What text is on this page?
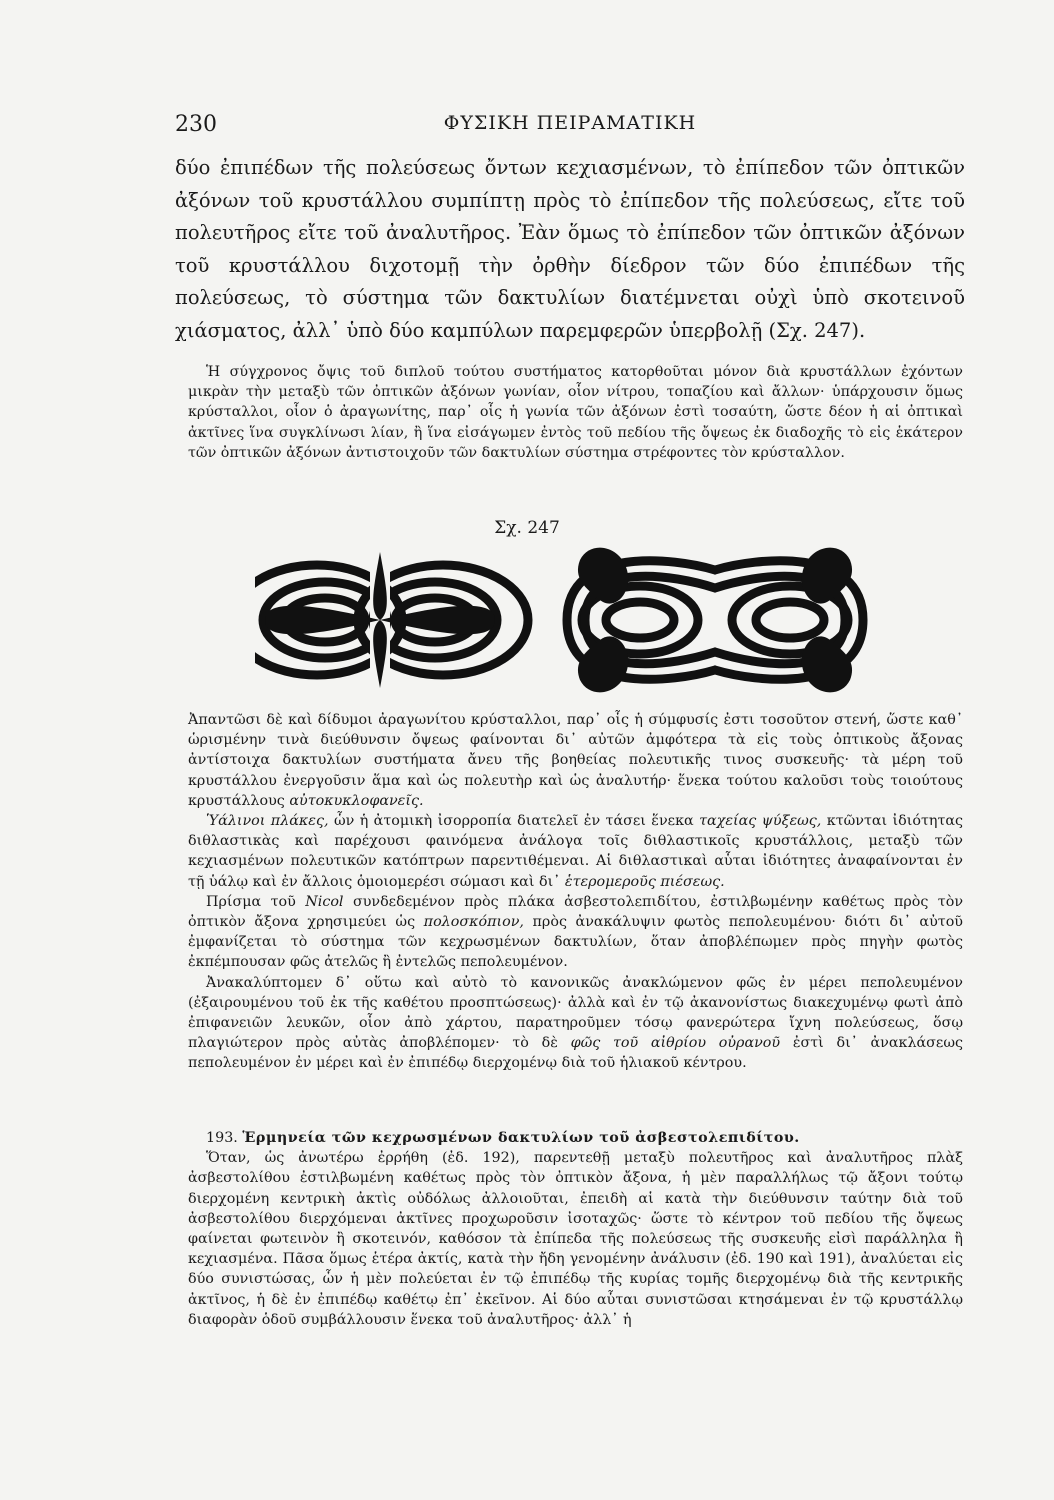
230	ΦΥΣΙΚΗ ΠΕΙΡΑΜΑΤΙΚΗ

δύο ἐπιπέδων τῆς πολεύσεως ὄντων κεχιασμένων, τὸ ἐπίπεδον τῶν ὀπτικῶν ἀξόνων τοῦ κρυστάλλου συμπίπτῃ πρὸς τὸ ἐπίπεδον τῆς πολεύσεως, εἴτε τοῦ πολευτῆρος εἴτε τοῦ ἀναλυτῆρος. Ἐὰν ὅμως τὸ ἐπίπεδον τῶν ὀπτικῶν ἀξόνων τοῦ κρυστάλλου διχοτομῇ τὴν ὀρθὴν δίεδρον τῶν δύο ἐπιπέδων τῆς πολεύσεως, τὸ σύστημα τῶν δακτυλίων διατέμνεται οὐχὶ ὑπὸ σκοτεινοῦ χιάσματος, ἀλλ᾽ ὑπὸ δύο καμπύλων παρεμφερῶν ὑπερβολῇ (Σχ. 247).

Ἡ σύγχρονος ὄψις τοῦ διπλοῦ τούτου συστήματος κατορθοῦται μόνον διὰ κρυστάλλων ἐχόντων μικρὰν τὴν μεταξὺ τῶν ὀπτικῶν ἀξόνων γωνίαν, οἷον νίτρου, τοπαζίου καὶ ἄλλων· ὑπάρχουσιν ὅμως κρύσταλλοι, οἷον ὁ ἀραγωνίτης, παρ᾽ οἷς ἡ γωνία τῶν ἀξόνων ἐστὶ τοσαύτη, ὥστε δέον ἡ αἱ ὀπτικαὶ ἀκτῖνες ἵνα συγκλίνωσι λίαν, ἢ ἵνα εἰσάγωμεν ἐντὸς τοῦ πεδίου τῆς ὄψεως ἐκ διαδοχῆς τὸ εἰς ἑκάτερον τῶν ὀπτικῶν ἀξόνων ἀντιστοιχοῦν τῶν δακτυλίων σύστημα στρέφοντες τὸν κρύσταλλον.

Σχ. 247

Ἀπαντῶσι δὲ καὶ δίδυμοι ἀραγωνίτου κρύσταλλοι, παρ᾽ οἷς ἡ σύμφυσίς ἐστι τοσοῦτον στενή, ὥστε καθ᾽ ὡρισμένην τινὰ διεύθυνσιν ὄψεως φαίνονται δι᾽ αὐτῶν ἀμφότερα τὰ εἰς τοὺς ὀπτικοὺς ἄξονας ἀντίστοιχα δακτυλίων συστήματα ἄνευ τῆς βοηθείας πολευτικῆς τινος συσκευῆς· τὰ μέρη τοῦ κρυστάλλου ἐνεργοῦσιν ἅμα καὶ ὡς πολευτὴρ καὶ ὡς ἀναλυτήρ· ἕνεκα τούτου καλοῦσι τοὺς τοιούτους κρυστάλλους αὐτοκυκλοφανεῖς.

Ὑάλινοι πλάκες, ὧν ἡ ἀτομικὴ ἰσορροπία διατελεῖ ἐν τάσει ἕνεκα ταχείας ψύξεως, κτῶνται ἰδιότητας διθλαστικὰς καὶ παρέχουσι φαινόμενα ἀνάλογα τοῖς διθλαστικοῖς κρυστάλλοις, μεταξὺ τῶν κεχιασμένων πολευτικῶν κατόπτρων παρεντιθέμεναι. Αἱ διθλαστικαὶ αὗται ἰδιότητες ἀναφαίνονται ἐν τῇ ὑάλῳ καὶ ἐν ἄλλοις ὁμοιομερέσι σώμασι καὶ δι᾽ ἑτερομεροῦς πιέσεως.

Πρίσμα τοῦ Nicol συνδεδεμένον πρὸς πλάκα ἀσβεστολεπιδίτου, ἐστιλβωμένην καθέτως πρὸς τὸν ὀπτικὸν ἄξονα χρησιμεύει ὡς πολοσκόπιον, πρὸς ἀνακάλυψιν φωτὸς πεπολευμένου· διότι δι᾽ αὐτοῦ ἐμφανίζεται τὸ σύστημα τῶν κεχρωσμένων δακτυλίων, ὅταν ἀποβλέπωμεν πρὸς πηγὴν φωτὸς ἐκπέμπουσαν φῶς ἀτελῶς ἢ ἐντελῶς πεπολευμένον.

Ἀνακαλύπτομεν δ᾽ οὕτω καὶ αὐτὸ τὸ κανονικῶς ἀνακλώμενον φῶς ἐν μέρει πεπολευμένον (ἐξαιρουμένου τοῦ ἐκ τῆς καθέτου προσπτώσεως)· ἀλλὰ καὶ ἐν τῷ ἀκανονίστως διακεχυμένῳ φωτὶ ἀπὸ ἐπιφανειῶν λευκῶν, οἷον ἀπὸ χάρτου, παρατηροῦμεν τόσῳ φανερώτερα ἴχνη πολεύσεως, ὅσῳ πλαγιώτερον πρὸς αὐτὰς ἀποβλέπομεν· τὸ δὲ φῶς τοῦ αἰθρίου οὐρανοῦ ἐστὶ δι᾽ ἀνακλάσεως πεπολευμένον ἐν μέρει καὶ ἐν ἐπιπέδῳ διερχομένῳ διὰ τοῦ ἡλιακοῦ κέντρου.

193. Ἑρμηνεία τῶν κεχρωσμένων δακτυλίων τοῦ ἀσβεστολεπιδίτου.

Ὅταν, ὡς ἀνωτέρω ἐρρήθη (ἐδ. 192), παρεντεθῇ μεταξὺ πολευτῆρος καὶ ἀναλυτῆρος πλὰξ ἀσβεστολίθου ἐστιλβωμένη καθέτως πρὸς τὸν ὀπτικὸν ἄξονα, ἡ μὲν παραλλήλως τῷ ἄξονι τούτῳ διερχομένη κεντρικὴ ἀκτὶς οὐδόλως ἀλλοιοῦται, ἐπειδὴ αἱ κατὰ τὴν διεύθυνσιν ταύτην διὰ τοῦ ἀσβεστολίθου διερχόμεναι ἀκτῖνες προχωροῦσιν ἰσοταχῶς· ὥστε τὸ κέντρον τοῦ πεδίου τῆς ὄψεως φαίνεται φωτεινὸν ἢ σκοτεινόν, καθόσον τὰ ἐπίπεδα τῆς πολεύσεως τῆς συσκευῆς εἰσὶ παράλληλα ἢ κεχιασμένα. Πᾶσα ὅμως ἑτέρα ἀκτίς, κατὰ τὴν ἤδη γενομένην ἀνάλυσιν (ἐδ. 190 καὶ 191), ἀναλύεται εἰς δύο συνιστώσας, ὧν ἡ μὲν πολεύεται ἐν τῷ ἐπιπέδῳ τῆς κυρίας τομῆς διερχομένῳ διὰ τῆς κεντρικῆς ἀκτῖνος, ἡ δὲ ἐν ἐπιπέδῳ καθέτῳ ἐπ᾽ ἐκεῖνον. Αἱ δύο αὗται συνιστῶσαι κτησάμεναι ἐν τῷ κρυστάλλῳ διαφορὰν ὁδοῦ συμβάλλουσιν ἕνεκα τοῦ ἀναλυτῆρος· ἀλλ᾽ ἡ
